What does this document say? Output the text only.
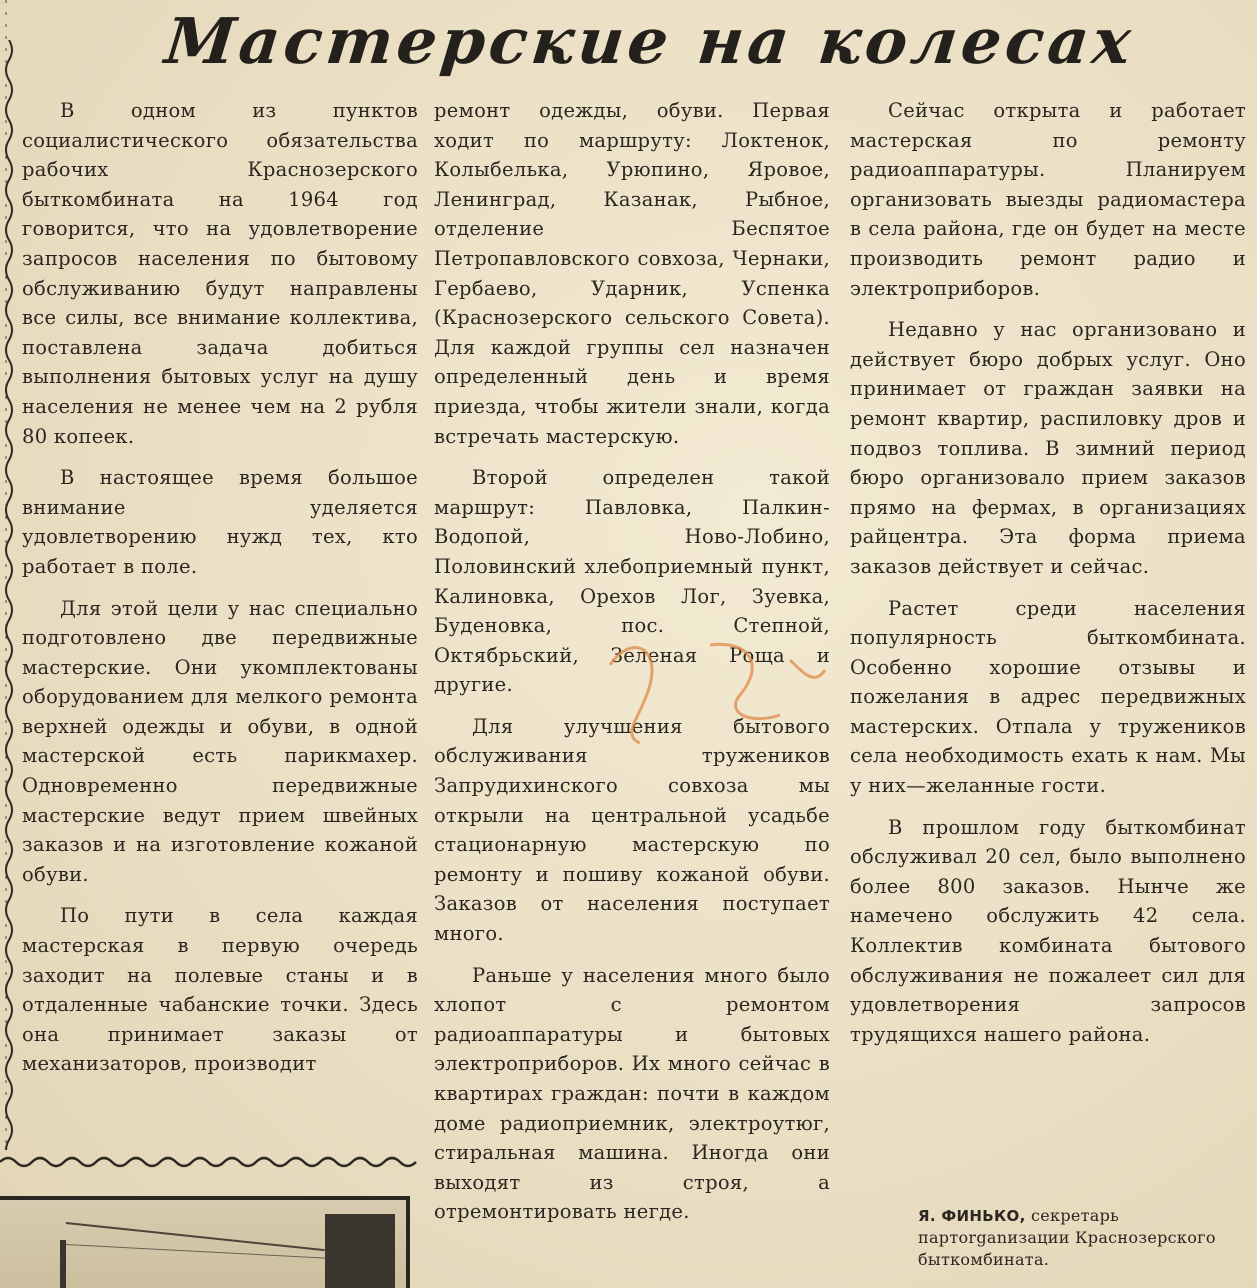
Мастерские на колесах

В одном из пунктов социалистического обязательства рабочих Краснозерского быткомбината на 1964 год говорится, что на удовлетворение запросов населения по бытовому обслуживанию будут направлены все силы, все внимание коллектива, поставлена задача добиться выполнения бытовых услуг на душу населения не менее чем на 2 рубля 80 копеек.

В настоящее время большое внимание уделяется удовлетворению нужд тех, кто работает в поле.

Для этой цели у нас специально подготовлено две передвижные мастерские. Они укомплектованы оборудованием для мелкого ремонта верхней одежды и обуви, в одной мастерской есть парикмахер. Одновременно передвижные мастерские ведут прием швейных заказов и на изготовление кожаной обуви.

По пути в села каждая мастерская в первую очередь заходит на полевые станы и в отдаленные чабанские точки. Здесь она принимает заказы от механизаторов, производит

ремонт одежды, обуви. Первая ходит по маршруту: Локтенок, Колыбелька, Урюпино, Яровое, Ленинград, Казанак, Рыбное, отделение Беспятое Петропавловского совхоза, Чернаки, Гербаево, Ударник, Успенка (Краснозерского сельского Совета). Для каждой группы сел назначен определенный день и время приезда, чтобы жители знали, когда встречать мастерскую.

Второй определен такой маршрут: Павловка, Палкин-Водопой, Ново-Лобино, Половинский хлебоприемный пункт, Калиновка, Орехов Лог, Зуевка, Буденовка, пос. Степной, Октябрьский, Зеленая Роща и другие.

Для улучшения бытового обслуживания тружеников Запрудихинского совхоза мы открыли на центральной усадьбе стационарную мастерскую по ремонту и пошиву кожаной обуви. Заказов от населения поступает много.

Раньше у населения много было хлопот с ремонтом радиоаппаратуры и бытовых электроприборов. Их много сейчас в квартирах граждан: почти в каждом доме радиоприемник, электроутюг, стиральная машина. Иногда они выходят из строя, а отремонтировать негде.

Сейчас открыта и работает мастерская по ремонту радиоаппаратуры. Планируем организовать выезды радиомастера в села района, где он будет на месте производить ремонт радио и электроприборов.

Недавно у нас организовано и действует бюро добрых услуг. Оно принимает от граждан заявки на ремонт квартир, распиловку дров и подвоз топлива. В зимний период бюро организовало прием заказов прямо на фермах, в организациях райцентра. Эта форма приема заказов действует и сейчас.

Растет среди населения популярность быткомбината. Особенно хорошие отзывы и пожелания в адрес передвижных мастерских. Отпала у тружеников села необходимость ехать к нам. Мы у них—желанные гости.

В прошлом году быткомбинат обслуживал 20 сел, было выполнено более 800 заказов. Нынче же намечено обслужить 42 села. Коллектив комбината бытового обслуживания не пожалеет сил для удовлетворения запросов трудящихся нашего района.

Я. ФИНЬКО, секретарь партorganизации Краснозерского быткомбината.
